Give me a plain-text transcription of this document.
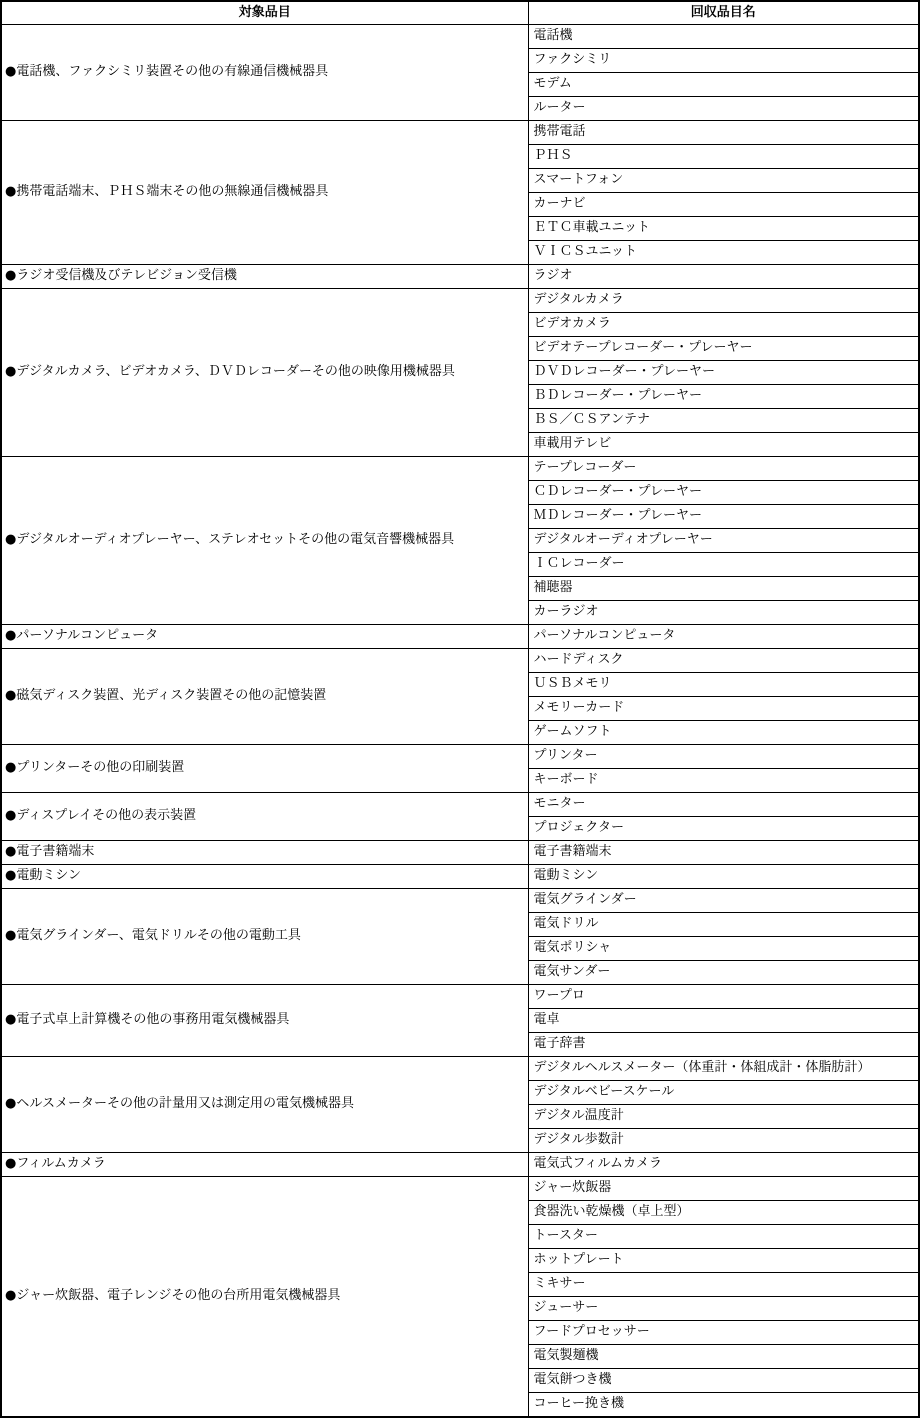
対象品目	回収品目名
●電話機、ファクシミリ装置その他の有線通信機械器具	電話機
	ファクシミリ
	モデム
	ルーター
●携帯電話端末、ＰＨＳ端末その他の無線通信機械器具	携帯電話
	ＰＨＳ
	スマートフォン
	カーナビ
	ＥＴＣ車載ユニット
	ＶＩＣＳユニット
●ラジオ受信機及びテレビジョン受信機	ラジオ
●デジタルカメラ、ビデオカメラ、ＤＶＤレコーダーその他の映像用機械器具	デジタルカメラ
	ビデオカメラ
	ビデオテープレコーダー・プレーヤー
	ＤＶＤレコーダー・プレーヤー
	ＢＤレコーダー・プレーヤー
	ＢＳ／ＣＳアンテナ
	車載用テレビ
●デジタルオーディオプレーヤー、ステレオセットその他の電気音響機械器具	テープレコーダー
	ＣＤレコーダー・プレーヤー
	ＭＤレコーダー・プレーヤー
	デジタルオーディオプレーヤー
	ＩＣレコーダー
	補聴器
	カーラジオ
●パーソナルコンピュータ	パーソナルコンピュータ
●磁気ディスク装置、光ディスク装置その他の記憶装置	ハードディスク
	ＵＳＢメモリ
	メモリーカード
	ゲームソフト
●プリンターその他の印刷装置	プリンター
	キーボード
●ディスプレイその他の表示装置	モニター
	プロジェクター
●電子書籍端末	電子書籍端末
●電動ミシン	電動ミシン
●電気グラインダー、電気ドリルその他の電動工具	電気グラインダー
	電気ドリル
	電気ポリシャ
	電気サンダー
●電子式卓上計算機その他の事務用電気機械器具	ワープロ
	電卓
	電子辞書
●ヘルスメーターその他の計量用又は測定用の電気機械器具	デジタルヘルスメーター（体重計・体組成計・体脂肪計）
	デジタルベビースケール
	デジタル温度計
	デジタル歩数計
●フィルムカメラ	電気式フィルムカメラ
●ジャー炊飯器、電子レンジその他の台所用電気機械器具	ジャー炊飯器
	食器洗い乾燥機（卓上型）
	トースター
	ホットプレート
	ミキサー
	ジューサー
	フードプロセッサー
	電気製麺機
	電気餅つき機
	コーヒー挽き機
